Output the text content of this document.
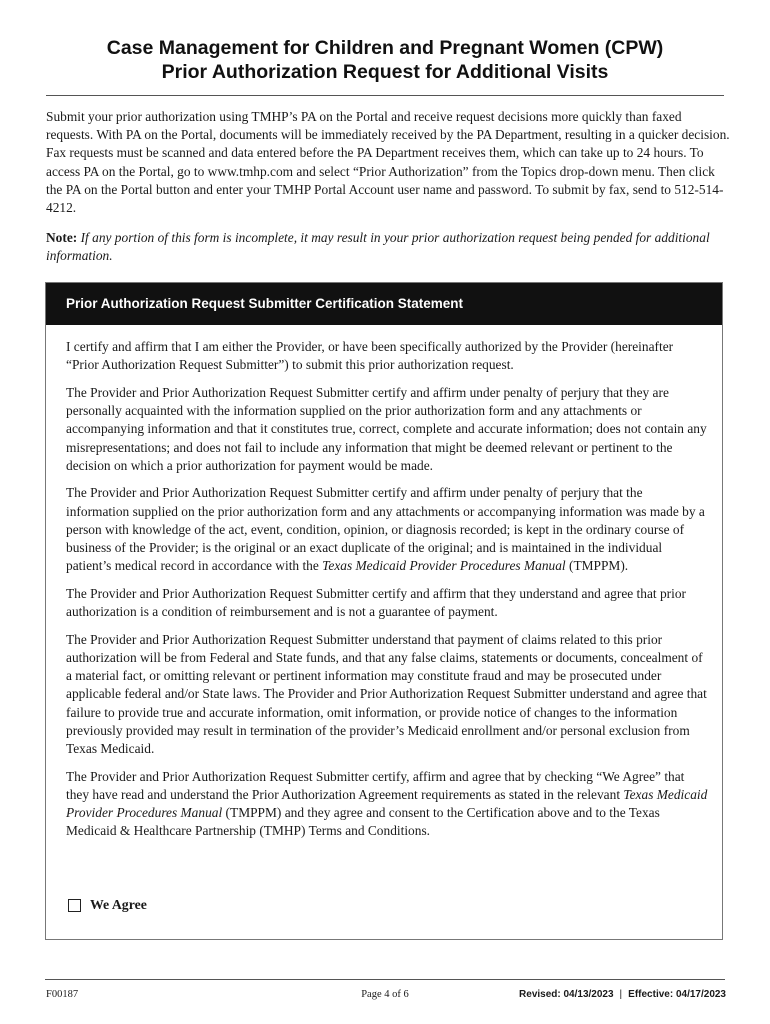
Case Management for Children and Pregnant Women (CPW)
Prior Authorization Request for Additional Visits

Submit your prior authorization using TMHP’s PA on the Portal and receive request decisions more quickly than faxed requests. With PA on the Portal, documents will be immediately received by the PA Department, resulting in a quicker decision. Fax requests must be scanned and data entered before the PA Department receives them, which can take up to 24 hours. To access PA on the Portal, go to www.tmhp.com and select “Prior Authorization” from the Topics drop-down menu. Then click the PA on the Portal button and enter your TMHP Portal Account user name and password. To submit by fax, send to 512-514-4212.

Note: If any portion of this form is incomplete, it may result in your prior authorization request being pended for additional information.

Prior Authorization Request Submitter Certification Statement

I certify and affirm that I am either the Provider, or have been specifically authorized by the Provider (hereinafter “Prior Authorization Request Submitter”) to submit this prior authorization request.

The Provider and Prior Authorization Request Submitter certify and affirm under penalty of perjury that they are personally acquainted with the information supplied on the prior authorization form and any attachments or accompanying information and that it constitutes true, correct, complete and accurate information; does not contain any misrepresentations; and does not fail to include any information that might be deemed relevant or pertinent to the decision on which a prior authorization for payment would be made.

The Provider and Prior Authorization Request Submitter certify and affirm under penalty of perjury that the information supplied on the prior authorization form and any attachments or accompanying information was made by a person with knowledge of the act, event, condition, opinion, or diagnosis recorded; is kept in the ordinary course of business of the Provider; is the original or an exact duplicate of the original; and is maintained in the individual patient’s medical record in accordance with the Texas Medicaid Provider Procedures Manual (TMPPM).

The Provider and Prior Authorization Request Submitter certify and affirm that they understand and agree that prior authorization is a condition of reimbursement and is not a guarantee of payment.

The Provider and Prior Authorization Request Submitter understand that payment of claims related to this prior authorization will be from Federal and State funds, and that any false claims, statements or documents, concealment of a material fact, or omitting relevant or pertinent information may constitute fraud and may be prosecuted under applicable federal and/or State laws. The Provider and Prior Authorization Request Submitter understand and agree that failure to provide true and accurate information, omit information, or provide notice of changes to the information previously provided may result in termination of the provider’s Medicaid enrollment and/or personal exclusion from Texas Medicaid.

The Provider and Prior Authorization Request Submitter certify, affirm and agree that by checking “We Agree” that they have read and understand the Prior Authorization Agreement requirements as stated in the relevant Texas Medicaid Provider Procedures Manual (TMPPM) and they agree and consent to the Certification above and to the Texas Medicaid & Healthcare Partnership (TMHP) Terms and Conditions.

We Agree
F00187	Page 4 of 6	Revised: 04/13/2023 | Effective: 04/17/2023
